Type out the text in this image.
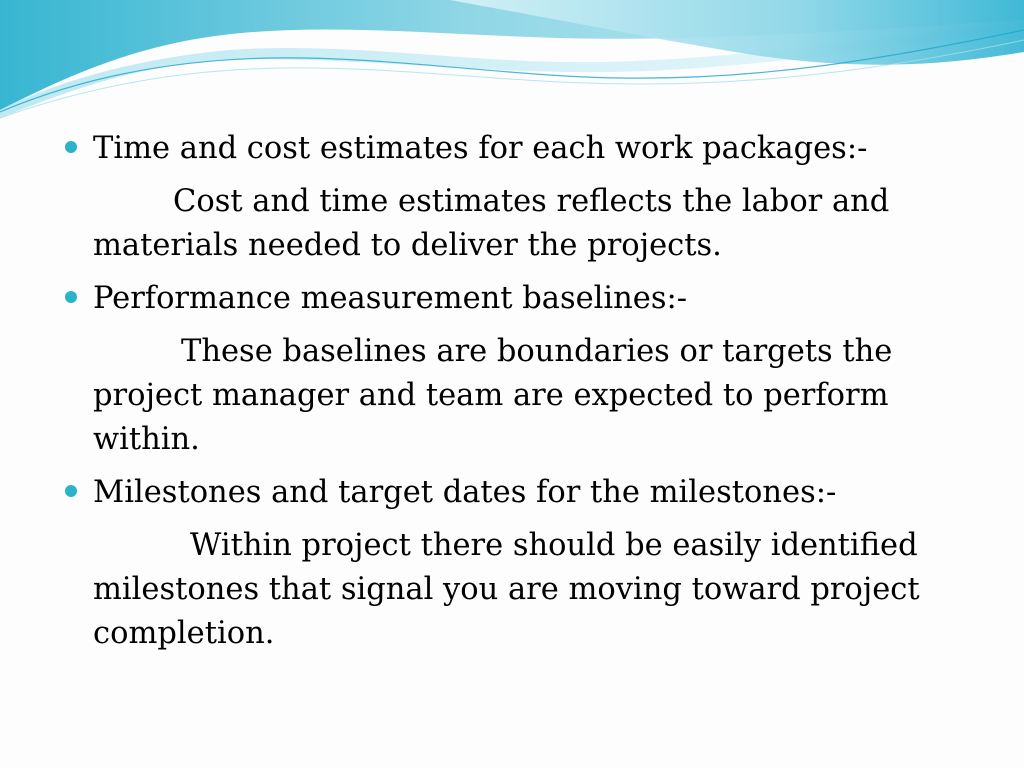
Time and cost estimates for each work packages:-
Cost and time estimates reflects the labor and
materials needed to deliver the projects.
Performance measurement baselines:-
These baselines are boundaries or targets the
project manager and team are expected to perform
within.
Milestones and target dates for the milestones:-
Within project there should be easily identified
milestones that signal you are moving toward project
completion.
